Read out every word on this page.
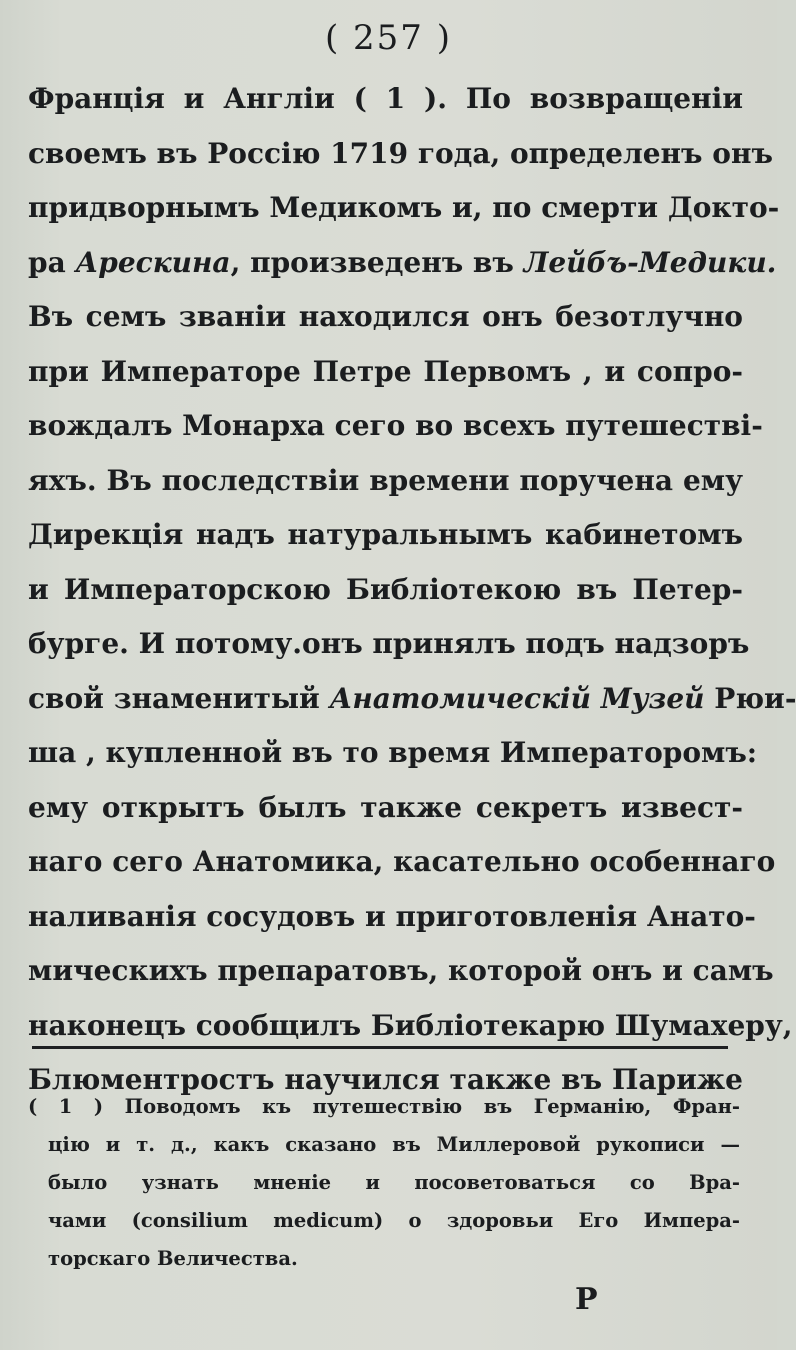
( 257 )
Францiя и Англiи ( 1 ). По возвращенiи
своемъ въ Россiю 1719 года, определенъ онъ
придворнымъ Медикомъ и, по смерти Доктo-
ра Арескина, произведенъ въ Лейбъ-Медики.
Въ семъ званiи находился онъ безотлучно
при Императоре Петре Первомъ , и сопро-
вождалъ Монарха сего во всехъ путешествi-
яхъ. Въ последствiи времени поручена ему
Дирекцiя надъ натуральнымъ кабинетомъ
и Императорскою Библiотекою въ Петер-
бурге. И потому.онъ принялъ подъ надзоръ
свой знаменитый Анатомическiй Музей Рюи-
ша , купленной въ то время Императоромъ:
ему открытъ былъ также секретъ извест-
наго сего Анатомика, касательно особеннаго
наливанiя сосудовъ и приготовленiя Анато-
мическихъ препаратовъ, которой онъ и самъ
наконецъ сообщилъ Библiотекарю Шумахеру,
Блюментростъ научился также въ Париже
( 1 ) Поводомъ къ путешествiю въ Германiю, Фран-
цiю и т. д., какъ сказано въ Миллеровой рукописи —
было узнать мненiе и посоветоваться со Вра-
чами (consilium medicum) о здоровьи Его Импера-
торскаго Величества.
Р
